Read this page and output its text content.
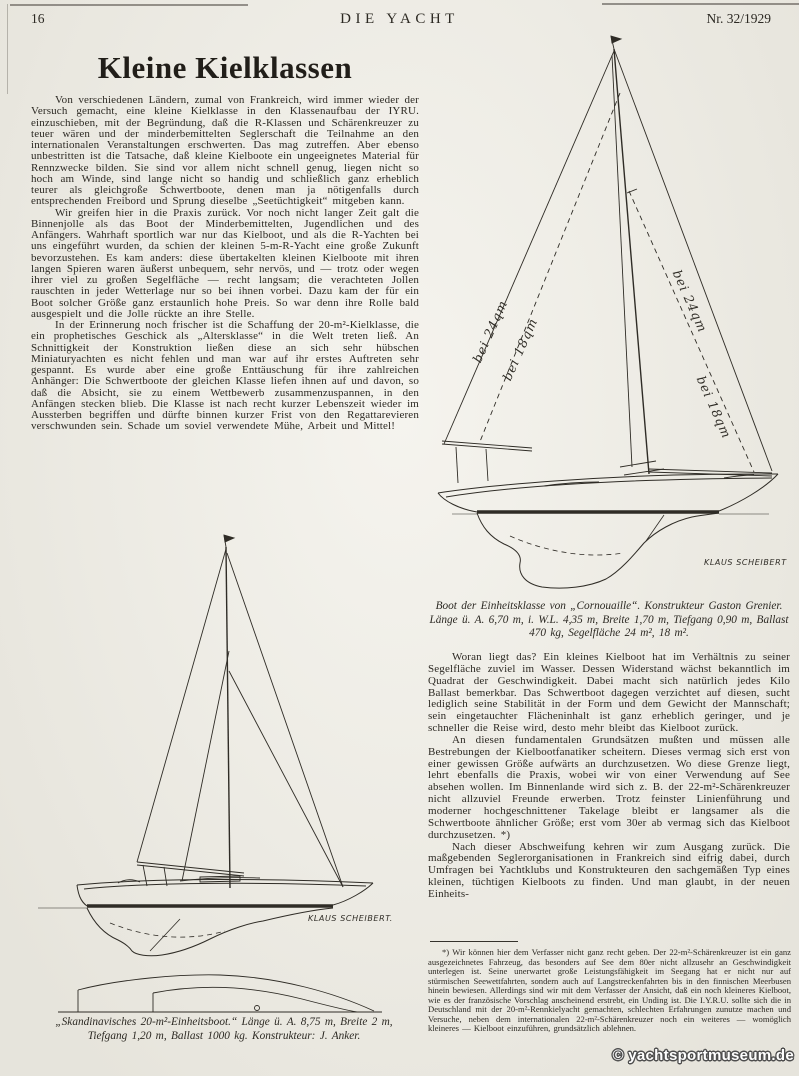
16	DIE YACHT	Nr. 32/1929
Kleine Kielklassen

Von verschiedenen Ländern, zumal von Frankreich, wird immer wieder der Versuch gemacht, eine kleine Kielklasse in den Klassenaufbau der IYRU. einzuschieben, mit der Begründung, daß die R-Klassen und Schärenkreuzer zu teuer wären und der minderbemittelten Seglerschaft die Teilnahme an den internationalen Veranstaltungen erschwerten. Das mag zutreffen. Aber ebenso unbestritten ist die Tatsache, daß kleine Kielboote ein ungeeignetes Material für Rennzwecke bilden. Sie sind vor allem nicht schnell genug, liegen nicht so hoch am Winde, sind lange nicht so handig und schließlich ganz erheblich teurer als gleichgroße Schwertboote, denen man ja nötigenfalls durch entsprechenden Freibord und Sprung dieselbe „Seetüchtigkeit“ mitgeben kann.

Wir greifen hier in die Praxis zurück. Vor noch nicht langer Zeit galt die Binnenjolle als das Boot der Minderbemittelten, Jugendlichen und des Anfängers. Wahrhaft sportlich war nur das Kielboot, und als die R-Yachten bei uns eingeführt wurden, da schien der kleinen 5-m-R-Yacht eine große Zukunft bevorzustehen. Es kam anders: diese übertakelten kleinen Kielboote mit ihren langen Spieren waren äußerst unbequem, sehr nervös, und — trotz oder wegen ihrer viel zu großen Segelfläche — recht langsam; die verachteten Jollen rauschten in jeder Wetterlage nur so bei ihnen vorbei. Dazu kam der für ein Boot solcher Größe ganz erstaunlich hohe Preis. So war denn ihre Rolle bald ausgespielt und die Jolle rückte an ihre Stelle.

In der Erinnerung noch frischer ist die Schaffung der 20-m²-Kielklasse, die ein prophetisches Geschick als „Altersklasse“ in die Welt treten ließ. An Schnittigkeit der Konstruktion ließen diese an sich sehr hübschen Miniaturyachten es nicht fehlen und man war auf ihr erstes Auftreten sehr gespannt. Es wurde aber eine große Enttäuschung für ihre zahlreichen Anhänger: Die Schwertboote der gleichen Klasse liefen ihnen auf und davon, so daß die Absicht, sie zu einem Wettbewerb zusammenzuspannen, in den Anfängen stecken blieb. Die Klasse ist nach recht kurzer Lebenszeit wieder im Aussterben begriffen und dürfte binnen kurzer Frist von den Regattarevieren verschwunden sein. Schade um soviel verwendete Mühe, Arbeit und Mittel!

KLAUS SCHEIBERT.
„Skandinavisches 20-m²-Einheitsboot.“ Länge ü. A. 8,75 m, Breite 2 m, Tiefgang 1,20 m, Ballast 1000 kg. Konstrukteur: J. Anker.
bei 24qm
bei 18qm
bei 24qm
bei 18qm
KLAUS SCHEIBERT
Boot der Einheitsklasse von „Cornouaille“. Konstrukteur Gaston Grenier. Länge ü. A. 6,70 m, i. W.L. 4,35 m, Breite 1,70 m, Tiefgang 0,90 m, Ballast 470 kg, Segelfläche 24 m², 18 m².

Woran liegt das? Ein kleines Kielboot hat im Verhältnis zu seiner Segelfläche zuviel im Wasser. Dessen Widerstand wächst bekanntlich im Quadrat der Geschwindigkeit. Dabei macht sich natürlich jedes Kilo Ballast bemerkbar. Das Schwertboot dagegen verzichtet auf diesen, sucht lediglich seine Stabilität in der Form und dem Gewicht der Mannschaft; sein eingetauchter Flächeninhalt ist ganz erheblich geringer, und je schneller die Reise wird, desto mehr bleibt das Kielboot zurück.

An diesen fundamentalen Grundsätzen mußten und müssen alle Bestrebungen der Kielbootfanatiker scheitern. Dieses vermag sich erst von einer gewissen Größe aufwärts an durchzusetzen. Wo diese Grenze liegt, lehrt ebenfalls die Praxis, wobei wir von einer Verwendung auf See absehen wollen. Im Binnenlande wird sich z. B. der 22-m²-Schärenkreuzer nicht allzuviel Freunde erwerben. Trotz feinster Linienführung und moderner hochgeschnittener Takelage bleibt er langsamer als die Schwertboote ähnlicher Größe; erst vom 30er ab vermag sich das Kielboot durchzusetzen. *)

Nach dieser Abschweifung kehren wir zum Ausgang zurück. Die maßgebenden Seglerorganisationen in Frankreich sind eifrig dabei, durch Umfragen bei Yachtklubs und Konstrukteuren den sachgemäßen Typ eines kleinen, tüchtigen Kielboots zu finden. Und man glaubt, in der neuen Einheits-

*) Wir können hier dem Verfasser nicht ganz recht geben. Der 22-m²-Schärenkreuzer ist ein ganz ausgezeichnetes Fahrzeug, das besonders auf See dem 80er nicht allzusehr an Geschwindigkeit unterlegen ist. Seine unerwartet große Leistungsfähigkeit im Seegang hat er nicht nur auf stürmischen Seewettfahrten, sondern auch auf Langstreckenfahrten bis in den finnischen Meerbusen hinein bewiesen. Allerdings sind wir mit dem Verfasser der Ansicht, daß ein noch kleineres Kielboot, wie es der französische Vorschlag anscheinend erstrebt, ein Unding ist. Die I.Y.R.U. sollte sich die in Deutschland mit der 20-m²-Rennkielyacht gemachten, schlechten Erfahrungen zunutze machen und Versuche, neben dem internationalen 22-m²-Schärenkreuzer noch ein weiteres — womöglich kleineres — Kielboot einzuführen, grundsätzlich ablehnen.

© yachtsportmuseum.de
